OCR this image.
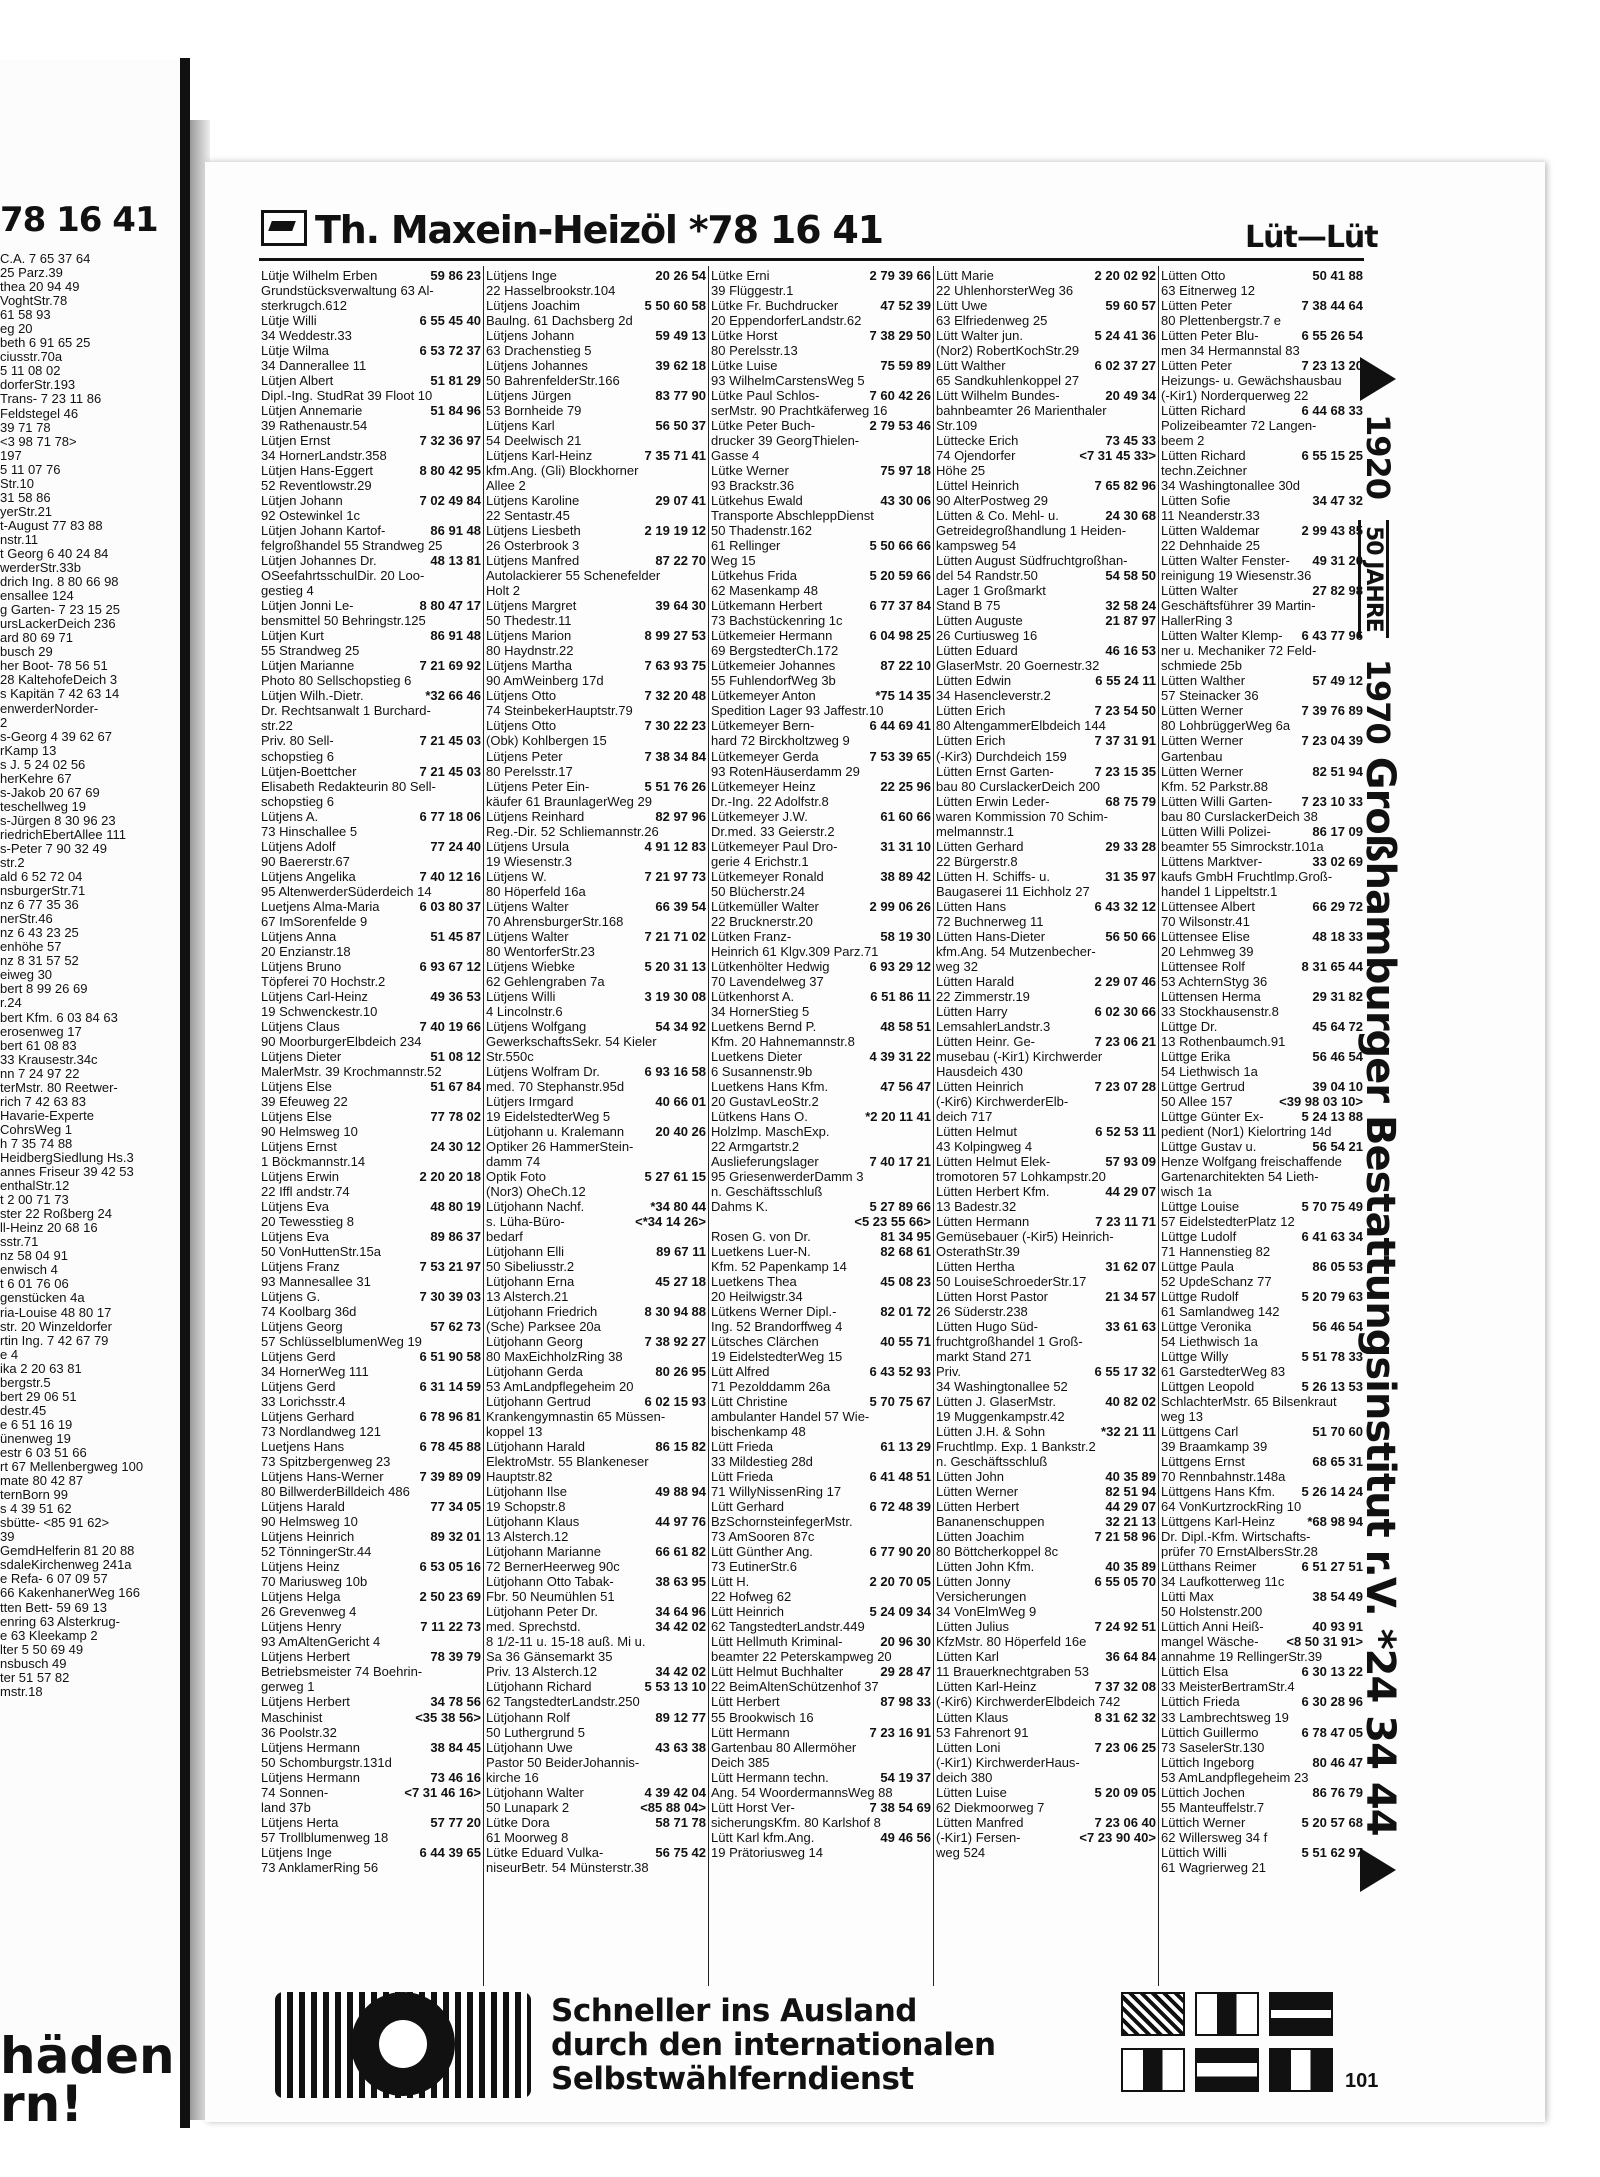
78 16 41
C.A. 7 65 37 64
25 Parz.39
thea 20 94 49
VoghtStr.78
61 58 93
eg 20
beth 6 91 65 25
ciusstr.70a
5 11 08 02
dorferStr.193
Trans- 7 23 11 86
Feldstegel 46
39 71 78
<3 98 71 78>
197
5 11 07 76
Str.10
31 58 86
yerStr.21
t-August 77 83 88
nstr.11
t Georg 6 40 24 84
werderStr.33b
drich Ing. 8 80 66 98
ensallee 124
g Garten- 7 23 15 25
ursLackerDeich 236
ard 80 69 71
busch 29
her Boot- 78 56 51
28 KaltehofeDeich 3
s Kapitän 7 42 63 14
enwerderNorder-
2
s-Georg 4 39 62 67
rKamp 13
s J. 5 24 02 56
herKehre 67
s-Jakob 20 67 69
teschellweg 19
s-Jürgen 8 30 96 23
riedrichEbertAllee 111
s-Peter 7 90 32 49
str.2
ald 6 52 72 04
nsburgerStr.71
nz 6 77 35 36
nerStr.46
nz 6 43 23 25
enhöhe 57
nz 8 31 57 52
eiweg 30
bert 8 99 26 69
r.24
bert Kfm. 6 03 84 63
erosenweg 17
bert 61 08 83
33 Krausestr.34c
nn 7 24 97 22
terMstr. 80 Reetwer-
rich 7 42 63 83
Havarie-Experte
CohrsWeg 1
h 7 35 74 88
HeidbergSiedlung Hs.3
annes Friseur 39 42 53
enthalStr.12
t 2 00 71 73
ster 22 Roßberg 24
ll-Heinz 20 68 16
sstr.71
nz 58 04 91
enwisch 4
t 6 01 76 06
genstücken 4a
ria-Louise 48 80 17
str. 20 Winzeldorfer
rtin Ing. 7 42 67 79
e 4
ika 2 20 63 81
bergstr.5
bert 29 06 51
destr.45
e 6 51 16 19
ünenweg 19
estr 6 03 51 66
rt 67 Mellenbergweg 100
mate 80 42 87
ternBorn 99
s 4 39 51 62
sbütte- <85 91 62>
39
GemdHelferin 81 20 88
sdaleKirchenweg 241a
e Refa- 6 07 09 57
66 KakenhanerWeg 166
tten Bett- 59 69 13
enring 63 Alsterkrug-
e 63 Kleekamp 2
lter 5 50 69 49
nsbusch 49
ter 51 57 82
mstr.18
häden
rn!
Th. Maxein-Heizöl *78 16 41	Lüt—Lüt
Lütje Wilhelm Erben	59 86 23
Grundstücksverwaltung 63 Al-
sterkrugch.612
Lütje Willi	6 55 45 40
34 Weddestr.33
Lütje Wilma	6 53 72 37
34 Dannerallee 11
Lütjen Albert	51 81 29
Dipl.-Ing. StudRat 39 Floot 10
Lütjen Annemarie	51 84 96
39 Rathenaustr.54
Lütjen Ernst	7 32 36 97
34 HornerLandstr.358
Lütjen Hans-Eggert	8 80 42 95
52 Reventlowstr.29
Lütjen Johann	7 02 49 84
92 Ostewinkel 1c
Lütjen Johann Kartof-	86 91 48
felgroßhandel 55 Strandweg 25
Lütjen Johannes Dr.	48 13 81
OSeefahrtsschulDir. 20 Loo-
gestieg 4
Lütjen Jonni Le-	8 80 47 17
bensmittel 50 Behringstr.125
Lütjen Kurt	86 91 48
55 Strandweg 25
Lütjen Marianne	7 21 69 92
Photo 80 Sellschopstieg 6
Lütjen Wilh.-Dietr.	*32 66 46
Dr. Rechtsanwalt 1 Burchard-
str.22
Priv. 80 Sell-	7 21 45 03
schopstieg 6
Lütjen-Boettcher	7 21 45 03
Elisabeth Redakteurin 80 Sell-
schopstieg 6
Lütjens A.	6 77 18 06
73 Hinschallee 5
Lütjens Adolf	77 24 40
90 Baererstr.67
Lütjens Angelika	7 40 12 16
95 AltenwerderSüderdeich 14
Luetjens Alma-Maria	6 03 80 37
67 ImSorenfelde 9
Lütjens Anna	51 45 87
20 Enzianstr.18
Lütjens Bruno	6 93 67 12
Töpferei 70 Hochstr.2
Lütjens Carl-Heinz	49 36 53
19 Schwenckestr.10
Lütjens Claus	7 40 19 66
90 MoorburgerElbdeich 234
Lütjens Dieter	51 08 12
MalerMstr. 39 Krochmannstr.52
Lütjens Else	51 67 84
39 Efeuweg 22
Lütjens Else	77 78 02
90 Helmsweg 10
Lütjens Ernst	24 30 12
1 Böckmannstr.14
Lütjens Erwin	2 20 20 18
22 Iffl andstr.74
Lütjens Eva	48 80 19
20 Tewesstieg 8
Lütjens Eva	89 86 37
50 VonHuttenStr.15a
Lütjens Franz	7 53 21 97
93 Mannesallee 31
Lütjens G.	7 30 39 03
74 Koolbarg 36d
Lütjens Georg	57 62 73
57 SchlüsselblumenWeg 19
Lütjens Gerd	6 51 90 58
34 HornerWeg 111
Lütjens Gerd	6 31 14 59
33 Lorichsstr.4
Lütjens Gerhard	6 78 96 81
73 Nordlandweg 121
Luetjens Hans	6 78 45 88
73 Spitzbergenweg 23
Lütjens Hans-Werner	7 39 89 09
80 BillwerderBilldeich 486
Lütjens Harald	77 34 05
90 Helmsweg 10
Lütjens Heinrich	89 32 01
52 TönningerStr.44
Lütjens Heinz	6 53 05 16
70 Mariusweg 10b
Lütjens Helga	2 50 23 69
26 Grevenweg 4
Lütjens Henry	7 11 22 73
93 AmAltenGericht 4
Lütjens Herbert	78 39 79
Betriebsmeister 74 Boehrin-
gerweg 1
Lütjens Herbert	34 78 56
Maschinist	<35 38 56>
36 Poolstr.32
Lütjens Hermann	38 84 45
50 Schomburgstr.131d
Lütjens Hermann	73 46 16
74 Sonnen-	<7 31 46 16>
land 37b
Lütjens Herta	57 77 20
57 Trollblumenweg 18
Lütjens Inge	6 44 39 65
73 AnklamerRing 56
Lütjens Inge	20 26 54
22 Hasselbrookstr.104
Lütjens Joachim	5 50 60 58
Baulng. 61 Dachsberg 2d
Lütjens Johann	59 49 13
63 Drachenstieg 5
Lütjens Johannes	39 62 18
50 BahrenfelderStr.166
Lütjens Jürgen	83 77 90
53 Bornheide 79
Lütjens Karl	56 50 37
54 Deelwisch 21
Lütjens Karl-Heinz	7 35 71 41
kfm.Ang. (Gli) Blockhorner
Allee 2
Lütjens Karoline	29 07 41
22 Sentastr.45
Lütjens Liesbeth	2 19 19 12
26 Osterbrook 3
Lütjens Manfred	87 22 70
Autolackierer 55 Schenefelder
Holt 2
Lütjens Margret	39 64 30
50 Thedestr.11
Lütjens Marion	8 99 27 53
80 Haydnstr.22
Lütjens Martha	7 63 93 75
90 AmWeinberg 17d
Lütjens Otto	7 32 20 48
74 SteinbekerHauptstr.79
Lütjens Otto	7 30 22 23
(Obk) Kohlbergen 15
Lütjens Peter	7 38 34 84
80 Perelsstr.17
Lütjens Peter Ein-	5 51 76 26
käufer 61 BraunlagerWeg 29
Lütjens Reinhard	82 97 96
Reg.-Dir. 52 Schliemannstr.26
Lütjens Ursula	4 91 12 83
19 Wiesenstr.3
Lütjens W.	7 21 97 73
80 Höperfeld 16a
Lütjens Walter	66 39 54
70 AhrensburgerStr.168
Lütjens Walter	7 21 71 02
80 WentorferStr.23
Lütjens Wiebke	5 20 31 13
62 Gehlengraben 7a
Lütjens Willi	3 19 30 08
4 Lincolnstr.6
Lütjens Wolfgang	54 34 92
GewerkschaftsSekr. 54 Kieler
Str.550c
Lütjens Wolfram Dr.	6 93 16 58
med. 70 Stephanstr.95d
Lütjers Irmgard	40 66 01
19 EidelstedterWeg 5
Lütjohann u. Kralemann 20 40 26
Optiker 26 HammerStein-
damm 74
Optik Foto	5 27 61 15
(Nor3) OheCh.12
Lütjohann Nachf.	*34 80 44
s. Lüha-Büro-	<*34 14 26>
bedarf
Lütjohann Elli	89 67 11
50 Sibeliusstr.2
Lütjohann Erna	45 27 18
13 Alsterch.21
Lütjohann Friedrich	8 30 94 88
(Sche) Parksee 20a
Lütjohann Georg	7 38 92 27
80 MaxEichholzRing 38
Lütjohann Gerda	80 26 95
53 AmLandpflegeheim 20
Lütjohann Gertrud	6 02 15 93
Krankengymnastin 65 Müssen-
koppel 13
Lütjohann Harald	86 15 82
ElektroMstr. 55 Blankeneser
Hauptstr.82
Lütjohann Ilse	49 88 94
19 Schopstr.8
Lütjohann Klaus	44 97 76
13 Alsterch.12
Lütjohann Marianne	66 61 82
72 BernerHeerweg 90c
Lütjohann Otto Tabak-	38 63 95
Fbr. 50 Neumühlen 51
Lütjohann Peter Dr.	34 64 96
med. Sprechstd.	34 42 02
8 1/2-11 u. 15-18 auß. Mi u.
Sa 36 Gänsemarkt 35
Priv. 13 Alsterch.12	34 42 02
Lütjohann Richard	5 53 13 10
62 TangstedterLandstr.250
Lütjohann Rolf	89 12 77
50 Luthergrund 5
Lütjohann Uwe	43 63 38
Pastor 50 BeiderJohannis-
kirche 16
Lütjohann Walter	4 39 42 04
50 Lunapark 2	<85 88 04>
Lütke Dora	58 71 78
61 Moorweg 8
Lütke Eduard Vulka-	56 75 42
niseurBetr. 54 Münsterstr.38
Lütke Erni	2 79 39 66
39 Flüggestr.1
Lütke Fr. Buchdrucker	47 52 39
20 EppendorferLandstr.62
Lütke Horst	7 38 29 50
80 Perelsstr.13
Lütke Luise	75 59 89
93 WilhelmCarstensWeg 5
Lütke Paul Schlos-	7 60 42 26
serMstr. 90 Prachtkäferweg 16
Lütke Peter Buch-	2 79 53 46
drucker 39 GeorgThielen-
Gasse 4
Lütke Werner	75 97 18
93 Brackstr.36
Lütkehus Ewald	43 30 06
Transporte AbschleppDienst
50 Thadenstr.162
61 Rellinger	5 50 66 66
Weg 15
Lütkehus Frida	5 20 59 66
62 Masenkamp 48
Lütkemann Herbert	6 77 37 84
73 Bachstückenring 1c
Lütkemeier Hermann	6 04 98 25
69 BergstedterCh.172
Lütkemeier Johannes	87 22 10
55 FuhlendorfWeg 3b
Lütkemeyer Anton	*75 14 35
Spedition Lager 93 Jaffestr.10
Lütkemeyer Bern-	6 44 69 41
hard 72 Birckholtzweg 9
Lütkemeyer Gerda	7 53 39 65
93 RotenHäuserdamm 29
Lütkemeyer Heinz	22 25 96
Dr.-Ing. 22 Adolfstr.8
Lütkemeyer J.W.	61 60 66
Dr.med. 33 Geierstr.2
Lütkemeyer Paul Dro-	31 31 10
gerie 4 Erichstr.1
Lütkemeyer Ronald	38 89 42
50 Blücherstr.24
Lütkemüller Walter	2 99 06 26
22 Brucknerstr.20
Lütken Franz-	58 19 30
Heinrich 61 Klgv.309 Parz.71
Lütkenhölter Hedwig	6 93 29 12
70 Lavendelweg 37
Lütkenhorst A.	6 51 86 11
34 HornerStieg 5
Luetkens Bernd P.	48 58 51
Kfm. 20 Hahnemannstr.8
Luetkens Dieter	4 39 31 22
6 Susannenstr.9b
Luetkens Hans Kfm.	47 56 47
20 GustavLeoStr.2
Lütkens Hans O.	*2 20 11 41
Holzlmp. MaschExp.
22 Armgartstr.2
Auslieferungslager	7 40 17 21
95 GriesenwerderDamm 3
n. Geschäftsschluß
Dahms K.	5 27 89 66
<5 23 55 66>
Rosen G. von Dr.	81 34 95
Luetkens Luer-N.	82 68 61
Kfm. 52 Papenkamp 14
Luetkens Thea	45 08 23
20 Heilwigstr.34
Lütkens Werner Dipl.-	82 01 72
Ing. 52 Brandorffweg 4
Lütsches Clärchen	40 55 71
19 EidelstedterWeg 15
Lütt Alfred	6 43 52 93
71 Pezolddamm 26a
Lütt Christine	5 70 75 67
ambulanter Handel 57 Wie-
bischenkamp 48
Lütt Frieda	61 13 29
33 Mildestieg 28d
Lütt Frieda	6 41 48 51
71 WillyNissenRing 17
Lütt Gerhard	6 72 48 39
BzSchornsteinfegerMstr.
73 AmSooren 87c
Lütt Günther Ang.	6 77 90 20
73 EutinerStr.6
Lütt H.	2 20 70 05
22 Hofweg 62
Lütt Heinrich	5 24 09 34
62 TangstedterLandstr.449
Lütt Hellmuth Kriminal-	20 96 30
beamter 22 Peterskampweg 20
Lütt Helmut Buchhalter	29 28 47
22 BeimAltenSchützenhof 37
Lütt Herbert	87 98 33
55 Brookwisch 16
Lütt Hermann	7 23 16 91
Gartenbau 80 Allermöher
Deich 385
Lütt Hermann techn.	54 19 37
Ang. 54 WoordermannsWeg 88
Lütt Horst Ver-	7 38 54 69
sicherungsKfm. 80 Karlshof 8
Lütt Karl kfm.Ang.	49 46 56
19 Prätoriusweg 14
Lütt Marie	2 20 02 92
22 UhlenhorsterWeg 36
Lütt Uwe	59 60 57
63 Elfriedenweg 25
Lütt Walter jun.	5 24 41 36
(Nor2) RobertKochStr.29
Lütt Walther	6 02 37 27
65 Sandkuhlenkoppel 27
Lütt Wilhelm Bundes-	20 49 34
bahnbeamter 26 Marienthaler
Str.109
Lüttecke Erich	73 45 33
74 Ojendorfer	<7 31 45 33>
Höhe 25
Lüttel Heinrich	7 65 82 96
90 AlterPostweg 29
Lütten & Co. Mehl- u.	24 30 68
Getreidegroßhandlung 1 Heiden-
kampsweg 54
Lütten August Südfruchtgroßhan-
del 54 Randstr.50	54 58 50
Lager 1 Großmarkt
Stand B 75	32 58 24
Lütten Auguste	21 87 97
26 Curtiusweg 16
Lütten Eduard	46 16 53
GlaserMstr. 20 Goernestr.32
Lütten Edwin	6 55 24 11
34 Hasencleverstr.2
Lütten Erich	7 23 54 50
80 AltengammerElbdeich 144
Lütten Erich	7 37 31 91
(-Kir3) Durchdeich 159
Lütten Ernst Garten-	7 23 15 35
bau 80 CurslackerDeich 200
Lütten Erwin Leder-	68 75 79
waren Kommission 70 Schim-
melmannstr.1
Lütten Gerhard	29 33 28
22 Bürgerstr.8
Lütten H. Schiffs- u.	31 35 97
Baugaserei 11 Eichholz 27
Lütten Hans	6 43 32 12
72 Buchnerweg 11
Lütten Hans-Dieter	56 50 66
kfm.Ang. 54 Mutzenbecher-
weg 32
Lütten Harald	2 29 07 46
22 Zimmerstr.19
Lütten Harry	6 02 30 66
LemsahlerLandstr.3
Lütten Heinr. Ge-	7 23 06 21
musebau (-Kir1) Kirchwerder
Hausdeich 430
Lütten Heinrich	7 23 07 28
(-Kir6) KirchwerderElb-
deich 717
Lütten Helmut	6 52 53 11
43 Kolpingweg 4
Lütten Helmut Elek-	57 93 09
tromotoren 57 Lohkampstr.20
Lütten Herbert Kfm.	44 29 07
13 Badestr.32
Lütten Hermann	7 23 11 71
Gemüsebauer (-Kir5) Heinrich-
OsterathStr.39
Lütten Hertha	31 62 07
50 LouiseSchroederStr.17
Lütten Horst Pastor	21 34 57
26 Süderstr.238
Lütten Hugo Süd-	33 61 63
fruchtgroßhandel 1 Groß-
markt Stand 271
Priv.	6 55 17 32
34 Washingtonallee 52
Lütten J. GlaserMstr.	40 82 02
19 Muggenkampstr.42
Lütten J.H. & Sohn	*32 21 11
Fruchtlmp. Exp. 1 Bankstr.2
n. Geschäftsschluß
Lütten John	40 35 89
Lütten Werner	82 51 94
Lütten Herbert	44 29 07
Bananenschuppen	32 21 13
Lütten Joachim	7 21 58 96
80 Böttcherkoppel 8c
Lütten John Kfm.	40 35 89
Lütten Jonny	6 55 05 70
Versicherungen
34 VonElmWeg 9
Lütten Julius	7 24 92 51
KfzMstr. 80 Höperfeld 16e
Lütten Karl	36 64 84
11 Brauerknechtgraben 53
Lütten Karl-Heinz	7 37 32 08
(-Kir6) KirchwerderElbdeich 742
Lütten Klaus	8 31 62 32
53 Fahrenort 91
Lütten Loni	7 23 06 25
(-Kir1) KirchwerderHaus-
deich 380
Lütten Luise	5 20 09 05
62 Diekmoorweg 7
Lütten Manfred	7 23 06 40
(-Kir1) Fersen-	<7 23 90 40>
weg 524
Lütten Otto	50 41 88
63 Eitnerweg 12
Lütten Peter	7 38 44 64
80 Plettenbergstr.7 e
Lütten Peter Blu-	6 55 26 54
men 34 Hermannstal 83
Lütten Peter	7 23 13 20
Heizungs- u. Gewächshausbau
(-Kir1) Norderquerweg 22
Lütten Richard	6 44 68 33
Polizeibeamter 72 Langen-
beem 2
Lütten Richard	6 55 15 25
techn.Zeichner
34 Washingtonallee 30d
Lütten Sofie	34 47 32
11 Neanderstr.33
Lütten Waldemar	2 99 43 85
22 Dehnhaide 25
Lütten Walter Fenster- 49 31 20
reinigung 19 Wiesenstr.36
Lütten Walter	27 82 98
Geschäftsführer 39 Martin-
HallerRing 3
Lütten Walter Klemp- 6 43 77 96
ner u. Mechaniker 72 Feld-
schmiede 25b
Lütten Walther	57 49 12
57 Steinacker 36
Lütten Werner	7 39 76 89
80 LohbrüggerWeg 6a
Lütten Werner	7 23 04 39
Gartenbau
Lütten Werner	82 51 94
Kfm. 52 Parkstr.88
Lütten Willi Garten- 7 23 10 33
bau 80 CurslackerDeich 38
Lütten Willi Polizei-	86 17 09
beamter 55 Simrockstr.101a
Lüttens Marktver-	33 02 69
kaufs GmbH Fruchtlmp.Groß-
handel 1 Lippeltstr.1
Lüttensee Albert	66 29 72
70 Wilsonstr.41
Lüttensee Elise	48 18 33
20 Lehmweg 39
Lüttensee Rolf	8 31 65 44
53 AchternStyg 36
Lüttensen Herma	29 31 82
33 Stockhausenstr.8
Lüttge Dr.	45 64 72
13 Rothenbaumch.91
Lüttge Erika	56 46 54
54 Liethwisch 1a
Lüttge Gertrud	39 04 10
50 Allee 157	<39 98 03 10>
Lüttge Günter Ex-	5 24 13 88
pedient (Nor1) Kielortring 14d
Lüttge Gustav u.	56 54 21
Henze Wolfgang freischaffende
Gartenarchitekten 54 Lieth-
wisch 1a
Lüttge Louise	5 70 75 49
57 EidelstedterPlatz 12
Lüttge Ludolf	6 41 63 34
71 Hannenstieg 82
Lüttge Paula	86 05 53
52 UpdeSchanz 77
Lüttge Rudolf	5 20 79 63
61 Samlandweg 142
Lüttge Veronika	56 46 54
54 Liethwisch 1a
Lüttge Willy	5 51 78 33
61 GarstedterWeg 83
Lüttgen Leopold	5 26 13 53
SchlachterMstr. 65 Bilsenkraut
weg 13
Lüttgens Carl	51 70 60
39 Braamkamp 39
Lüttgens Ernst	68 65 31
70 Rennbahnstr.148a
Lüttgens Hans Kfm. 5 26 14 24
64 VonKurtzrockRing 10
Lüttgens Karl-Heinz *68 98 94
Dr. Dipl.-Kfm. Wirtschafts-
prüfer 70 ErnstAlbersStr.28
Lütthans Reimer	6 51 27 51
34 Laufkotterweg 11c
Lütti Max	38 54 49
50 Holstenstr.200
Lüttich Anni Heiß-	40 93 91
mangel Wäsche- <8 50 31 91>
annahme 19 RellingerStr.39
Lüttich Elsa	6 30 13 22
33 MeisterBertramStr.4
Lüttich Frieda	6 30 28 96
33 Lambrechtsweg 19
Lüttich Guillermo	6 78 47 05
73 SaselerStr.130
Lüttich Ingeborg	80 46 47
53 AmLandpflegeheim 23
Lüttich Jochen	86 76 79
55 Manteuffelstr.7
Lüttich Werner	5 20 57 68
62 Willersweg 34 f
Lüttich Willi	5 51 62 97
61 Wagrierweg 21
1920 50 JAHRE 1970 Großhamburger Bestattungsinstitut r.V. *24 34 44
Schneller ins Ausland
durch den internationalen
Selbstwählferndienst	101
